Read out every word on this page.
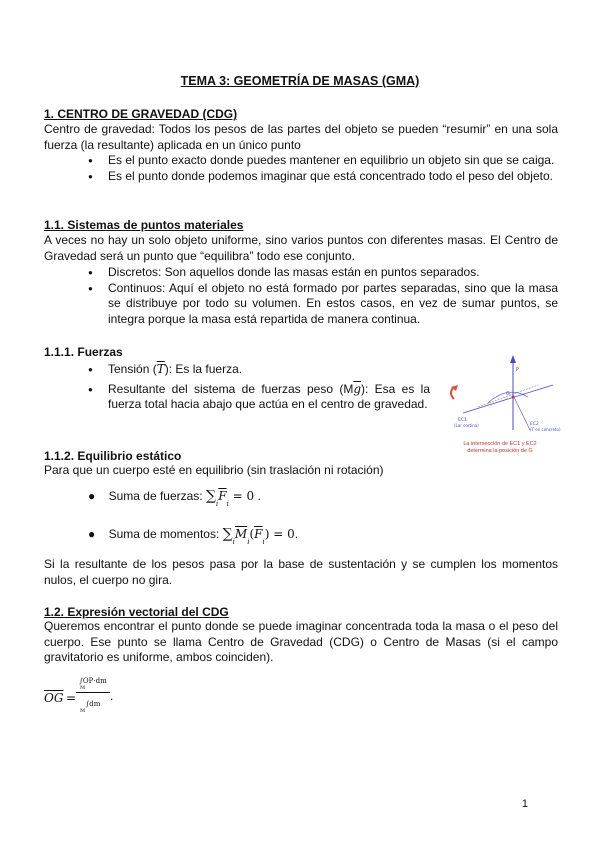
TEMA 3: GEOMETRÍA DE MASAS (GMA)
1. CENTRO DE GRAVEDAD (CDG)
Centro de gravedad: Todos los pesos de las partes del objeto se pueden “resumir” en una sola fuerza (la resultante) aplicada en un único punto
● Es el punto exacto donde puedes mantener en equilibrio un objeto sin que se caiga.
● Es el punto donde podemos imaginar que está concentrado todo el peso del objeto.
1.1. Sistemas de puntos materiales
A veces no hay un solo objeto uniforme, sino varios puntos con diferentes masas. El Centro de Gravedad será un punto que “equilibra” todo ese conjunto.
● Discretos: Son aquellos donde las masas están en puntos separados.
● Continuos: Aquí el objeto no está formado por partes separadas, sino que la masa se distribuye por todo su volumen. En estos casos, en vez de sumar puntos, se integra porque la masa está repartida de manera continua.
1.1.1. Fuerzas
● Tensión $(\overline{T})$: Es la fuerza.
● Resultante del sistema de fuerzas peso $(M\overline{g})$: Esa es la fuerza total hacia abajo que actúa en el centro de gravedad.
P
G
EC1
(Lar cortina)	EC2
(T en concreto)
La intersección de EC1 y EC2
determina la posición de G
1.1.2. Equilibrio estático
Para que un cuerpo esté en equilibrio (sin traslación ni rotación)
● Suma de fuerzas: $\sum_i\overline{F}_i = 0$ .
● Suma de momentos: $\sum_i\overline{M}_i(\overline{F}_i) = 0$.
Si la resultante de los pesos pasa por la base de sustentación y se cumplen los momentos nulos, el cuerpo no gira.
1.2. Expresión vectorial del CDG
Queremos encontrar el punto donde se puede imaginar concentrada toda la masa o el peso del cuerpo. Ese punto se llama Centro de Gravedad (CDG) o Centro de Masas (si el campo gravitatorio es uniforme, ambos coinciden).
$\overline{OG}$ =
∫OP·dm
M
∫dm
M
.
1
